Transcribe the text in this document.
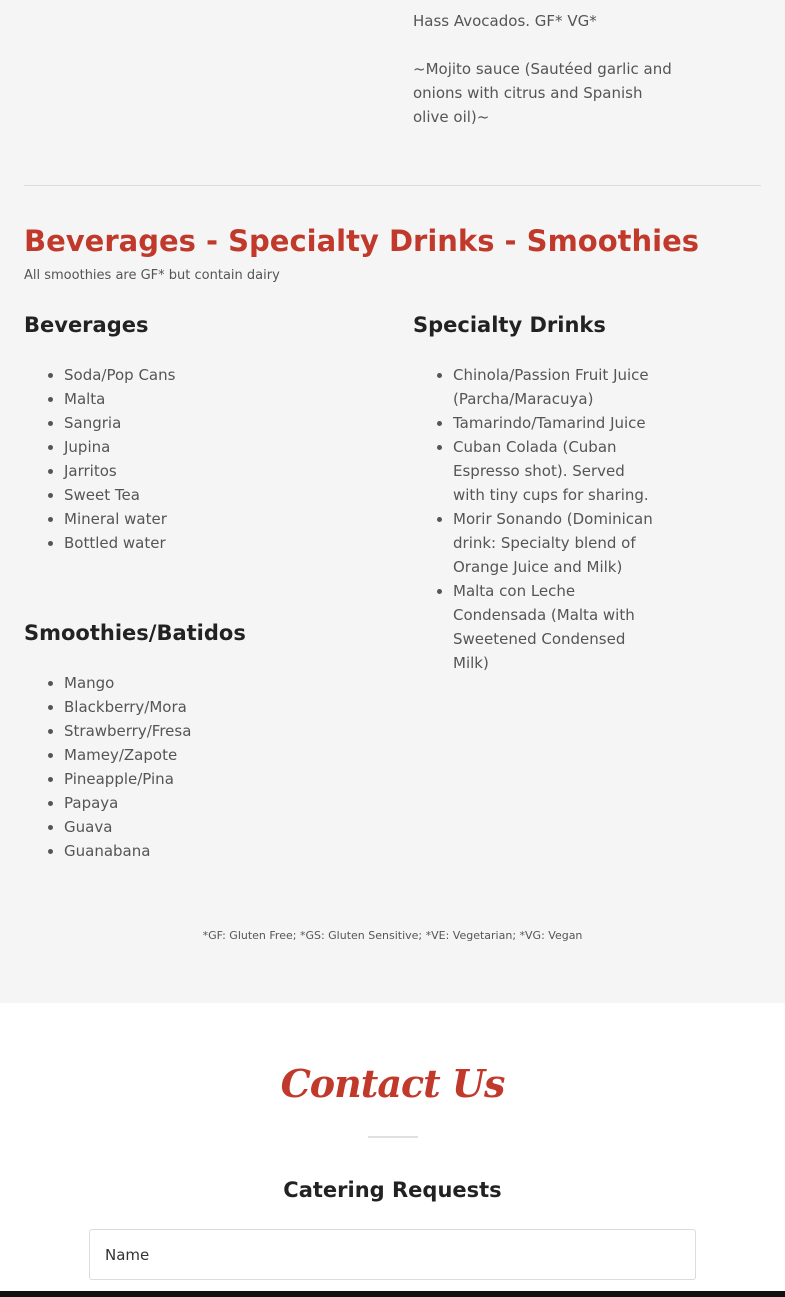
Hass Avocados. GF* VG*

~Mojito sauce (Sautéed garlic and onions with citrus and Spanish olive oil)~

Beverages - Specialty Drinks - Smoothies

All smoothies are GF* but contain dairy

Beverages
• Soda/Pop Cans
• Malta
• Sangria
• Jupina
• Jarritos
• Sweet Tea
• Mineral water
• Bottled water
Specialty Drinks
• Chinola/Passion Fruit Juice (Parcha/Maracuya)
• Tamarindo/Tamarind Juice
• Cuban Colada (Cuban Espresso shot). Served with tiny cups for sharing.
• Morir Sonando (Dominican drink: Specialty blend of Orange Juice and Milk)
• Malta con Leche Condensada (Malta with Sweetened Condensed Milk)
Smoothies/Batidos
• Mango
• Blackberry/Mora
• Strawberry/Fresa
• Mamey/Zapote
• Pineapple/Pina
• Papaya
• Guava
• Guanabana

*GF: Gluten Free; *GS: Gluten Sensitive; *VE: Vegetarian; *VG: Vegan

Contact Us
Catering Requests
Name
